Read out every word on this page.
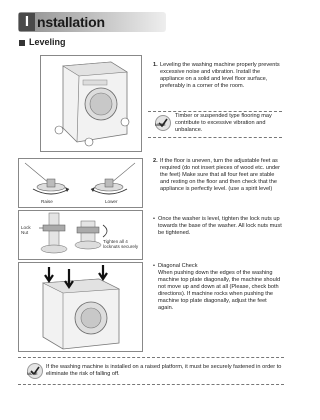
I nstallation
Leveling
1. Leveling the washing machine properly prevents excessive noise and vibration. Install the appliance on a solid and level floor surface, preferably in a corner of the room.
NOTE
Timber or suspended type flooring may contribute to excessive vibration and unbalance.
Raise	Lower
Lock
Nut
Tighten all 4
locknuts securely
2. If the floor is uneven, turn the adjustable feet as required (do not insert pieces of wood etc. under the feet) Make sure that all four feet are stable and resting on the floor and then check that the appliance is perfectly level. (use a spirit level)
• Once the washer is level, tighten the lock nuts up towards the base of the washer. All lock nuts must be tightened.
• Diagonal Check
When pushing down the edges of the washing machine top plate diagonally, the machine should not move up and down at all (Please, check both directions). If machine rocks when pushing the machine top plate diagonally, adjust the feet again.
NOTE
If the washing machine is installed on a raised platform, it must be securely fastened in order to eliminate the risk of falling off.
